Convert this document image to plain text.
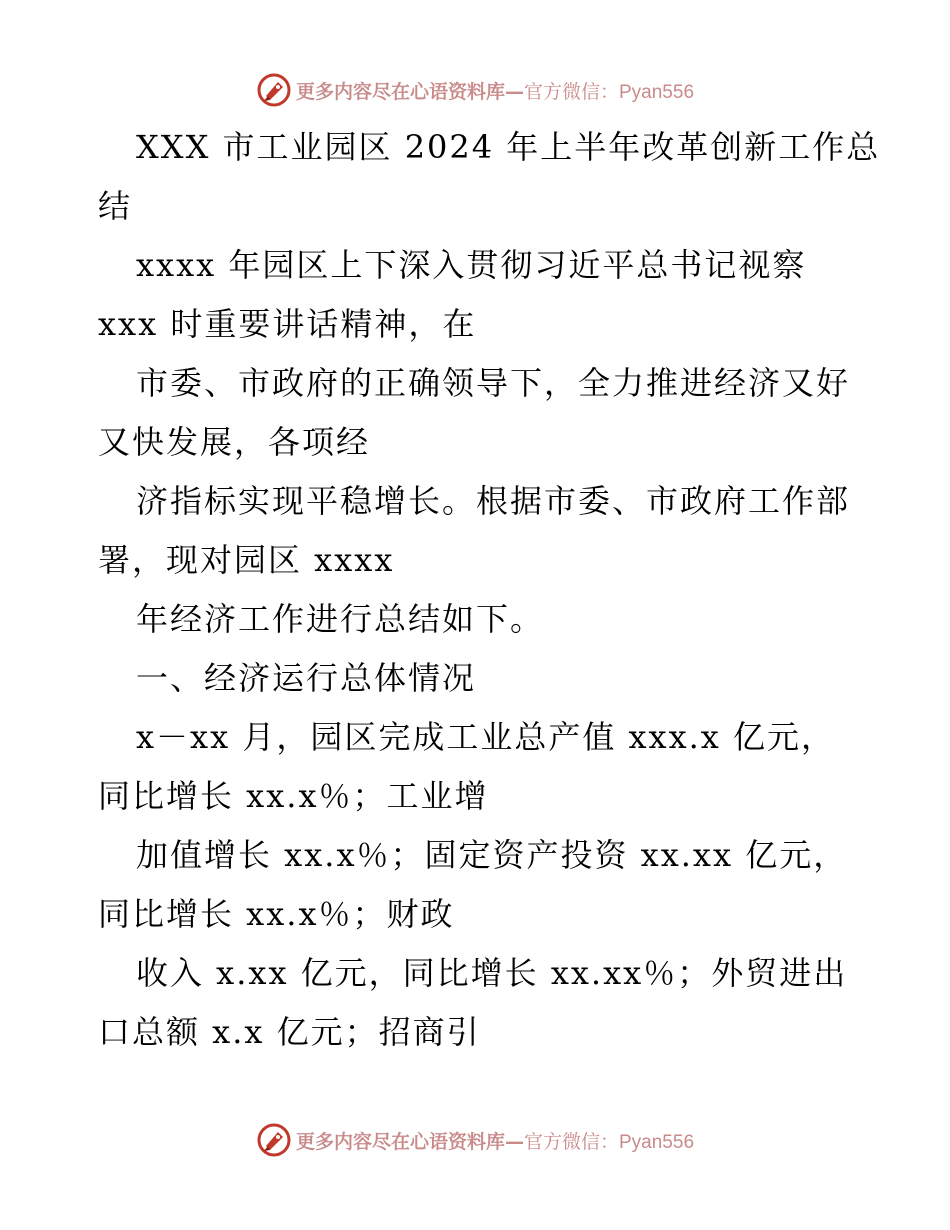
更多内容尽在心语资料库— 官方微信：Pyan556
XXX 市工业园区 2024 年上半年改革创新工作总
结
xxxx 年园区上下深入贯彻习近平总书记视察
xxx 时重要讲话精神，在
市委、市政府的正确领导下，全力推进经济又好
又快发展，各项经
济指标实现平稳增长。根据市委、市政府工作部
署，现对园区 xxxx
年经济工作进行总结如下。
一、经济运行总体情况
x－xx 月，园区完成工业总产值 xxx.x 亿元，
同比增长 xx.x％；工业增
加值增长 xx.x％；固定资产投资 xx.xx 亿元，
同比增长 xx.x％；财政
收入 x.xx 亿元，同比增长 xx.xx％；外贸进出
口总额 x.x 亿元；招商引
更多内容尽在心语资料库— 官方微信：Pyan556
